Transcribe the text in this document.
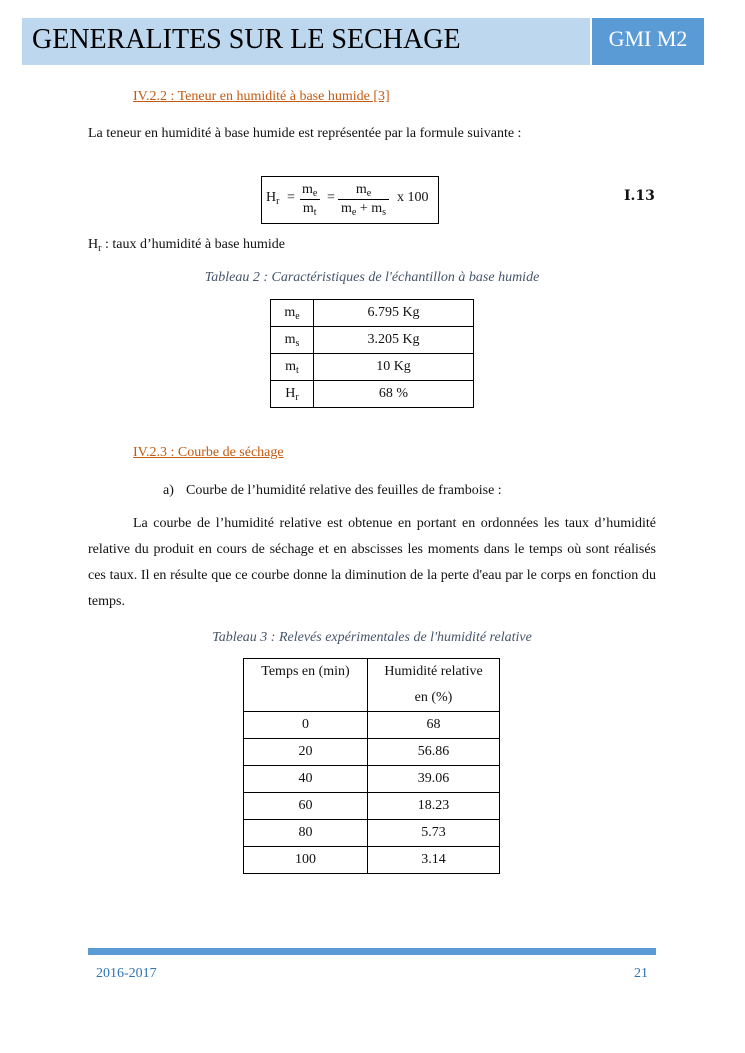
GENERALITES SUR LE SECHAGE	GMI M2
IV.2.2 : Teneur en humidité à base humide [3]
La teneur en humidité à base humide est représentée par la formule suivante :
$H_r = \frac{m_e}{m_t} = \frac{m_e}{m_e + m_s}$ x 100	I.13
$H_r$ : taux d’humidité à base humide
Tableau 2 : Caractéristiques de l'échantillon à base humide
$m_e$	6.795 Kg
$m_s$	3.205 Kg
$m_t$	10 Kg
$H_r$	68 %
IV.2.3 : Courbe de séchage
a) Courbe de l’humidité relative des feuilles de framboise :
La courbe de l’humidité relative est obtenue en portant en ordonnées les taux d’humidité relative du produit en cours de séchage et en abscisses les moments dans le temps où sont réalisés ces taux. Il en résulte que ce courbe donne la diminution de la perte d'eau par le corps en fonction du temps.
Tableau 3 : Relevés expérimentales de l'humidité relative
Temps en (min)	Humidité relative
en (%)
0	68
20	56.86
40	39.06
60	18.23
80	5.73
100	3.14
2016-2017	21
